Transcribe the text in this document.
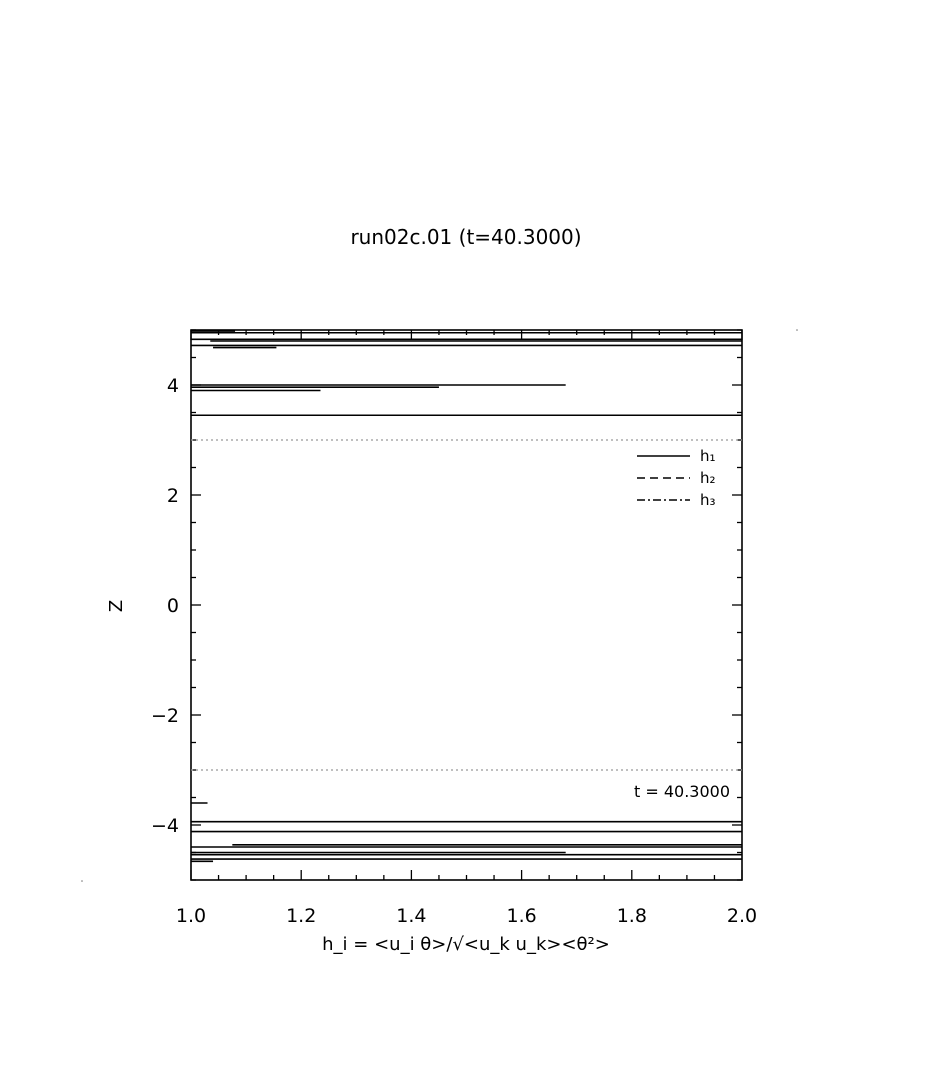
run02c.01 (t=40.3000)
1.0	1.2	1.4	1.6	1.8	2.0
−4
−2
0
2
4
Z
h_i = <u_i θ>/√<u_k u_k><θ²>
t = 40.3000
h₁
h₂
h₃
